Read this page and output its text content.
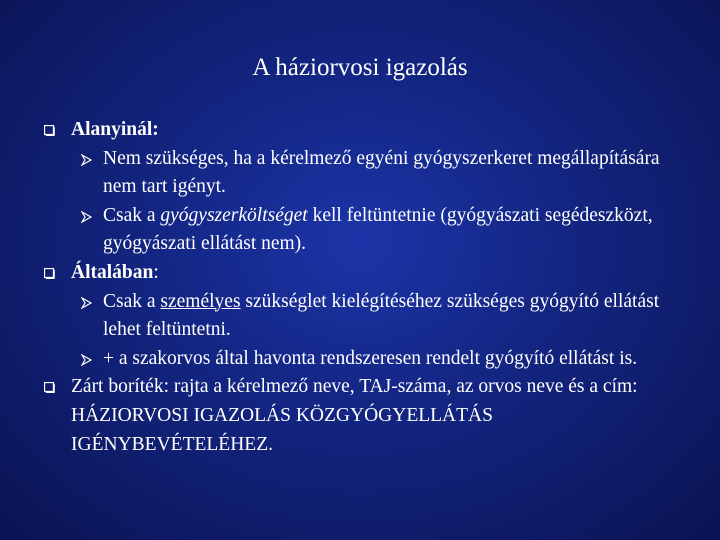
A háziorvosi igazolás
Alanyinál:
Nem szükséges, ha a kérelmező egyéni gyógyszerkeret megállapítására nem tart igényt.
Csak a gyógyszerköltséget kell feltüntetnie (gyógyászati segédeszközt, gyógyászati ellátást nem).
Általában:
Csak a személyes szükséglet kielégítéséhez szükséges gyógyító ellátást lehet feltüntetni.
+ a szakorvos által havonta rendszeresen rendelt gyógyító ellátást is.
Zárt boríték: rajta a kérelmező neve, TAJ-száma, az orvos neve és a cím: HÁZIORVOSI IGAZOLÁS KÖZGYÓGYELLÁTÁS IGÉNYBEVÉTELÉHEZ.
